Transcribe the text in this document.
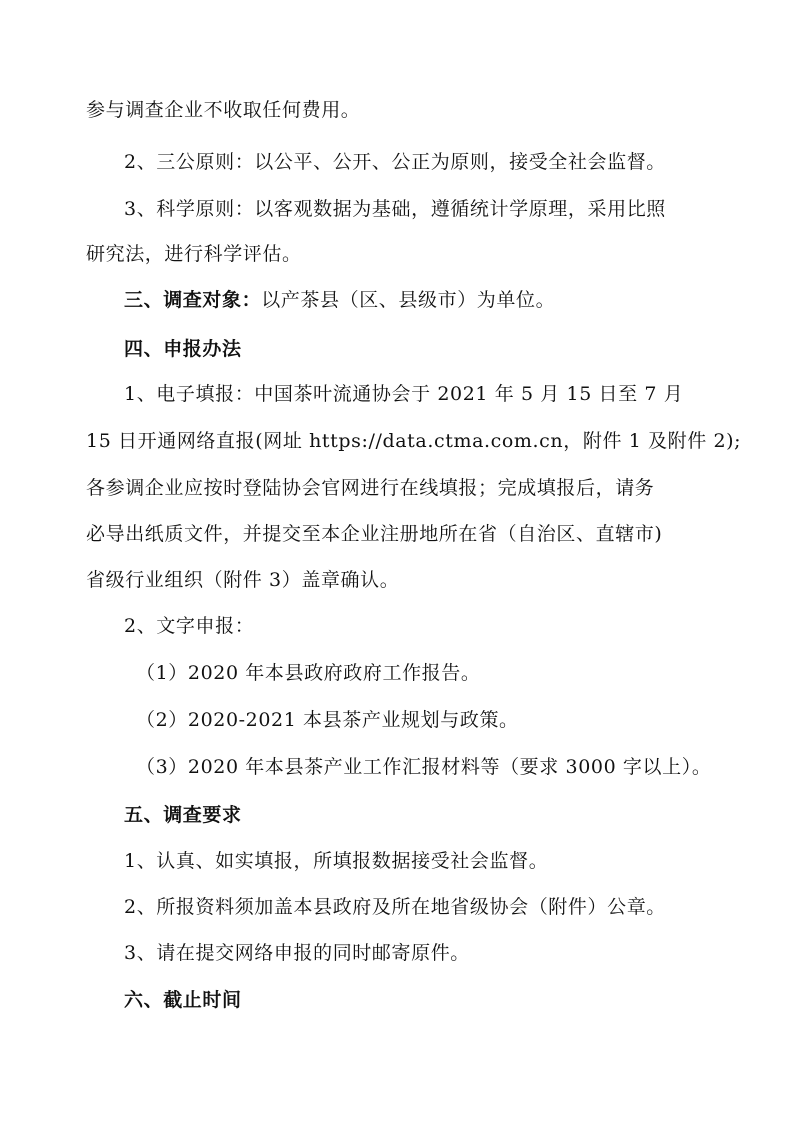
参与调查企业不收取任何费用。
2、三公原则：以公平、公开、公正为原则，接受全社会监督。
3、科学原则：以客观数据为基础，遵循统计学原理，采用比照
研究法，进行科学评估。
三、调查对象：以产茶县（区、县级市）为单位。
四、申报办法
1、电子填报：中国茶叶流通协会于 2021 年 5 月 15 日至 7 月
15 日开通网络直报(网址 https://data.ctma.com.cn，附件 1 及附件 2);
各参调企业应按时登陆协会官网进行在线填报；完成填报后，请务
必导出纸质文件，并提交至本企业注册地所在省（自治区、直辖市)
省级行业组织（附件 3）盖章确认。
2、文字申报：
（1）2020 年本县政府政府工作报告。
（2）2020-2021 本县茶产业规划与政策。
（3）2020 年本县茶产业工作汇报材料等（要求 3000 字以上）。
五、调查要求
1、认真、如实填报，所填报数据接受社会监督。
2、所报资料须加盖本县政府及所在地省级协会（附件）公章。
3、请在提交网络申报的同时邮寄原件。
六、截止时间
